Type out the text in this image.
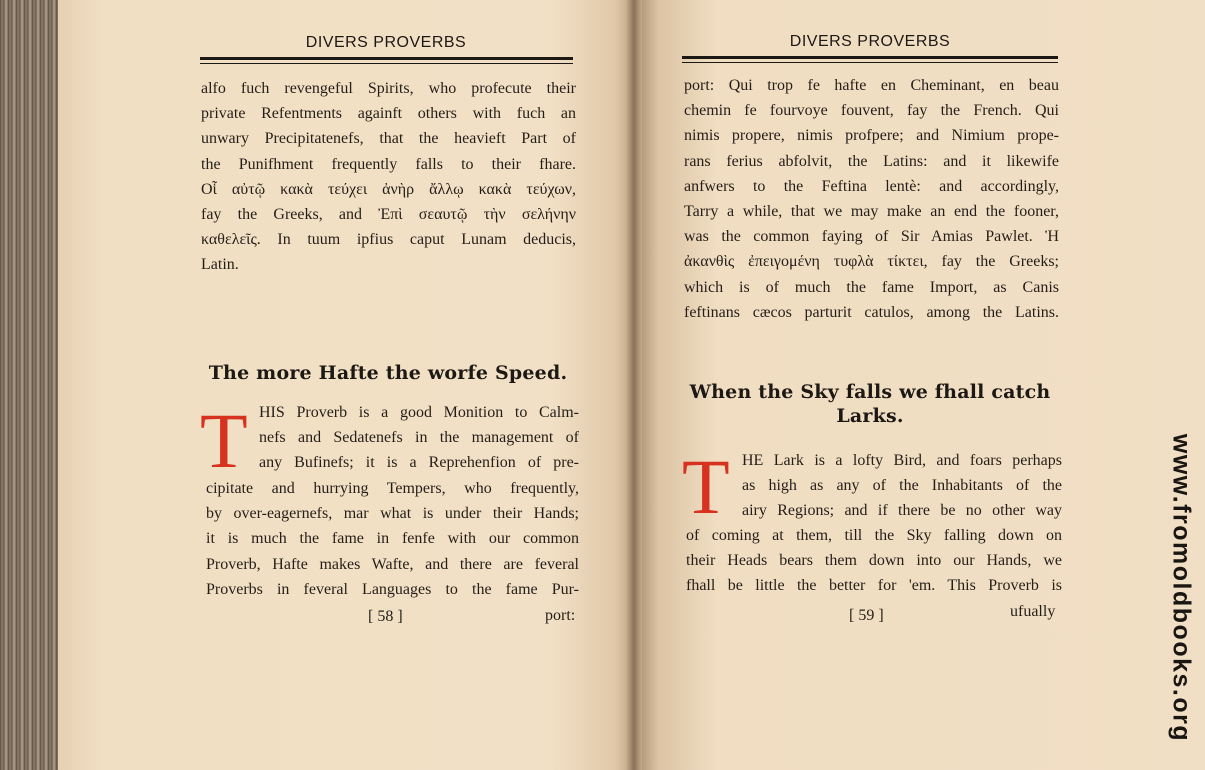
DIVERS PROVERBS
alfo fuch revengeful Spirits, who profecute their
private Refentments againft others with fuch an
unwary Precipitatenefs, that the heavieft Part of
the Punifhment frequently falls to their fhare.
Οἷ αὐτῷ κακὰ τεύχει ἀνὴρ ἄλλῳ κακὰ τεύχων,
fay the Greeks, and Ἐπὶ σεαυτῷ τὴν σελήνην
καθελεῖς. In tuum ipfius caput Lunam deducis,
Latin.
The more Hafte the worfe Speed.
T HIS Proverb is a good Monition to Calm-
nefs and Sedatenefs in the management of
any Bufinefs; it is a Reprehenfion of pre-
cipitate and hurrying Tempers, who frequently,
by over-eagernefs, mar what is under their Hands;
it is much the fame in fenfe with our common
Proverb, Hafte makes Wafte, and there are feveral
Proverbs in feveral Languages to the fame Pur-
[ 58 ]	port:
DIVERS PROVERBS
port: Qui trop fe hafte en Cheminant, en beau
chemin fe fourvoye fouvent, fay the French. Qui
nimis propere, nimis profpere; and Nimium prope-
rans ferius abfolvit, the Latins: and it likewife
anfwers to the Feftina lentè: and accordingly,
Tarry a while, that we may make an end the fooner,
was the common faying of Sir Amias Pawlet. Ἡ
ἀκανθὶς ἐπειγομένη τυφλὰ τίκτει, fay the Greeks;
which is of much the fame Import, as Canis
feftinans cæcos parturit catulos, among the Latins.
When the Sky falls we fhall catch
Larks.
T HE Lark is a lofty Bird, and foars perhaps
as high as any of the Inhabitants of the
airy Regions; and if there be no other way
of coming at them, till the Sky falling down on
their Heads bears them down into our Hands, we
fhall be little the better for 'em. This Proverb is
[ 59 ]	ufually	www.fromoldbooks.org
